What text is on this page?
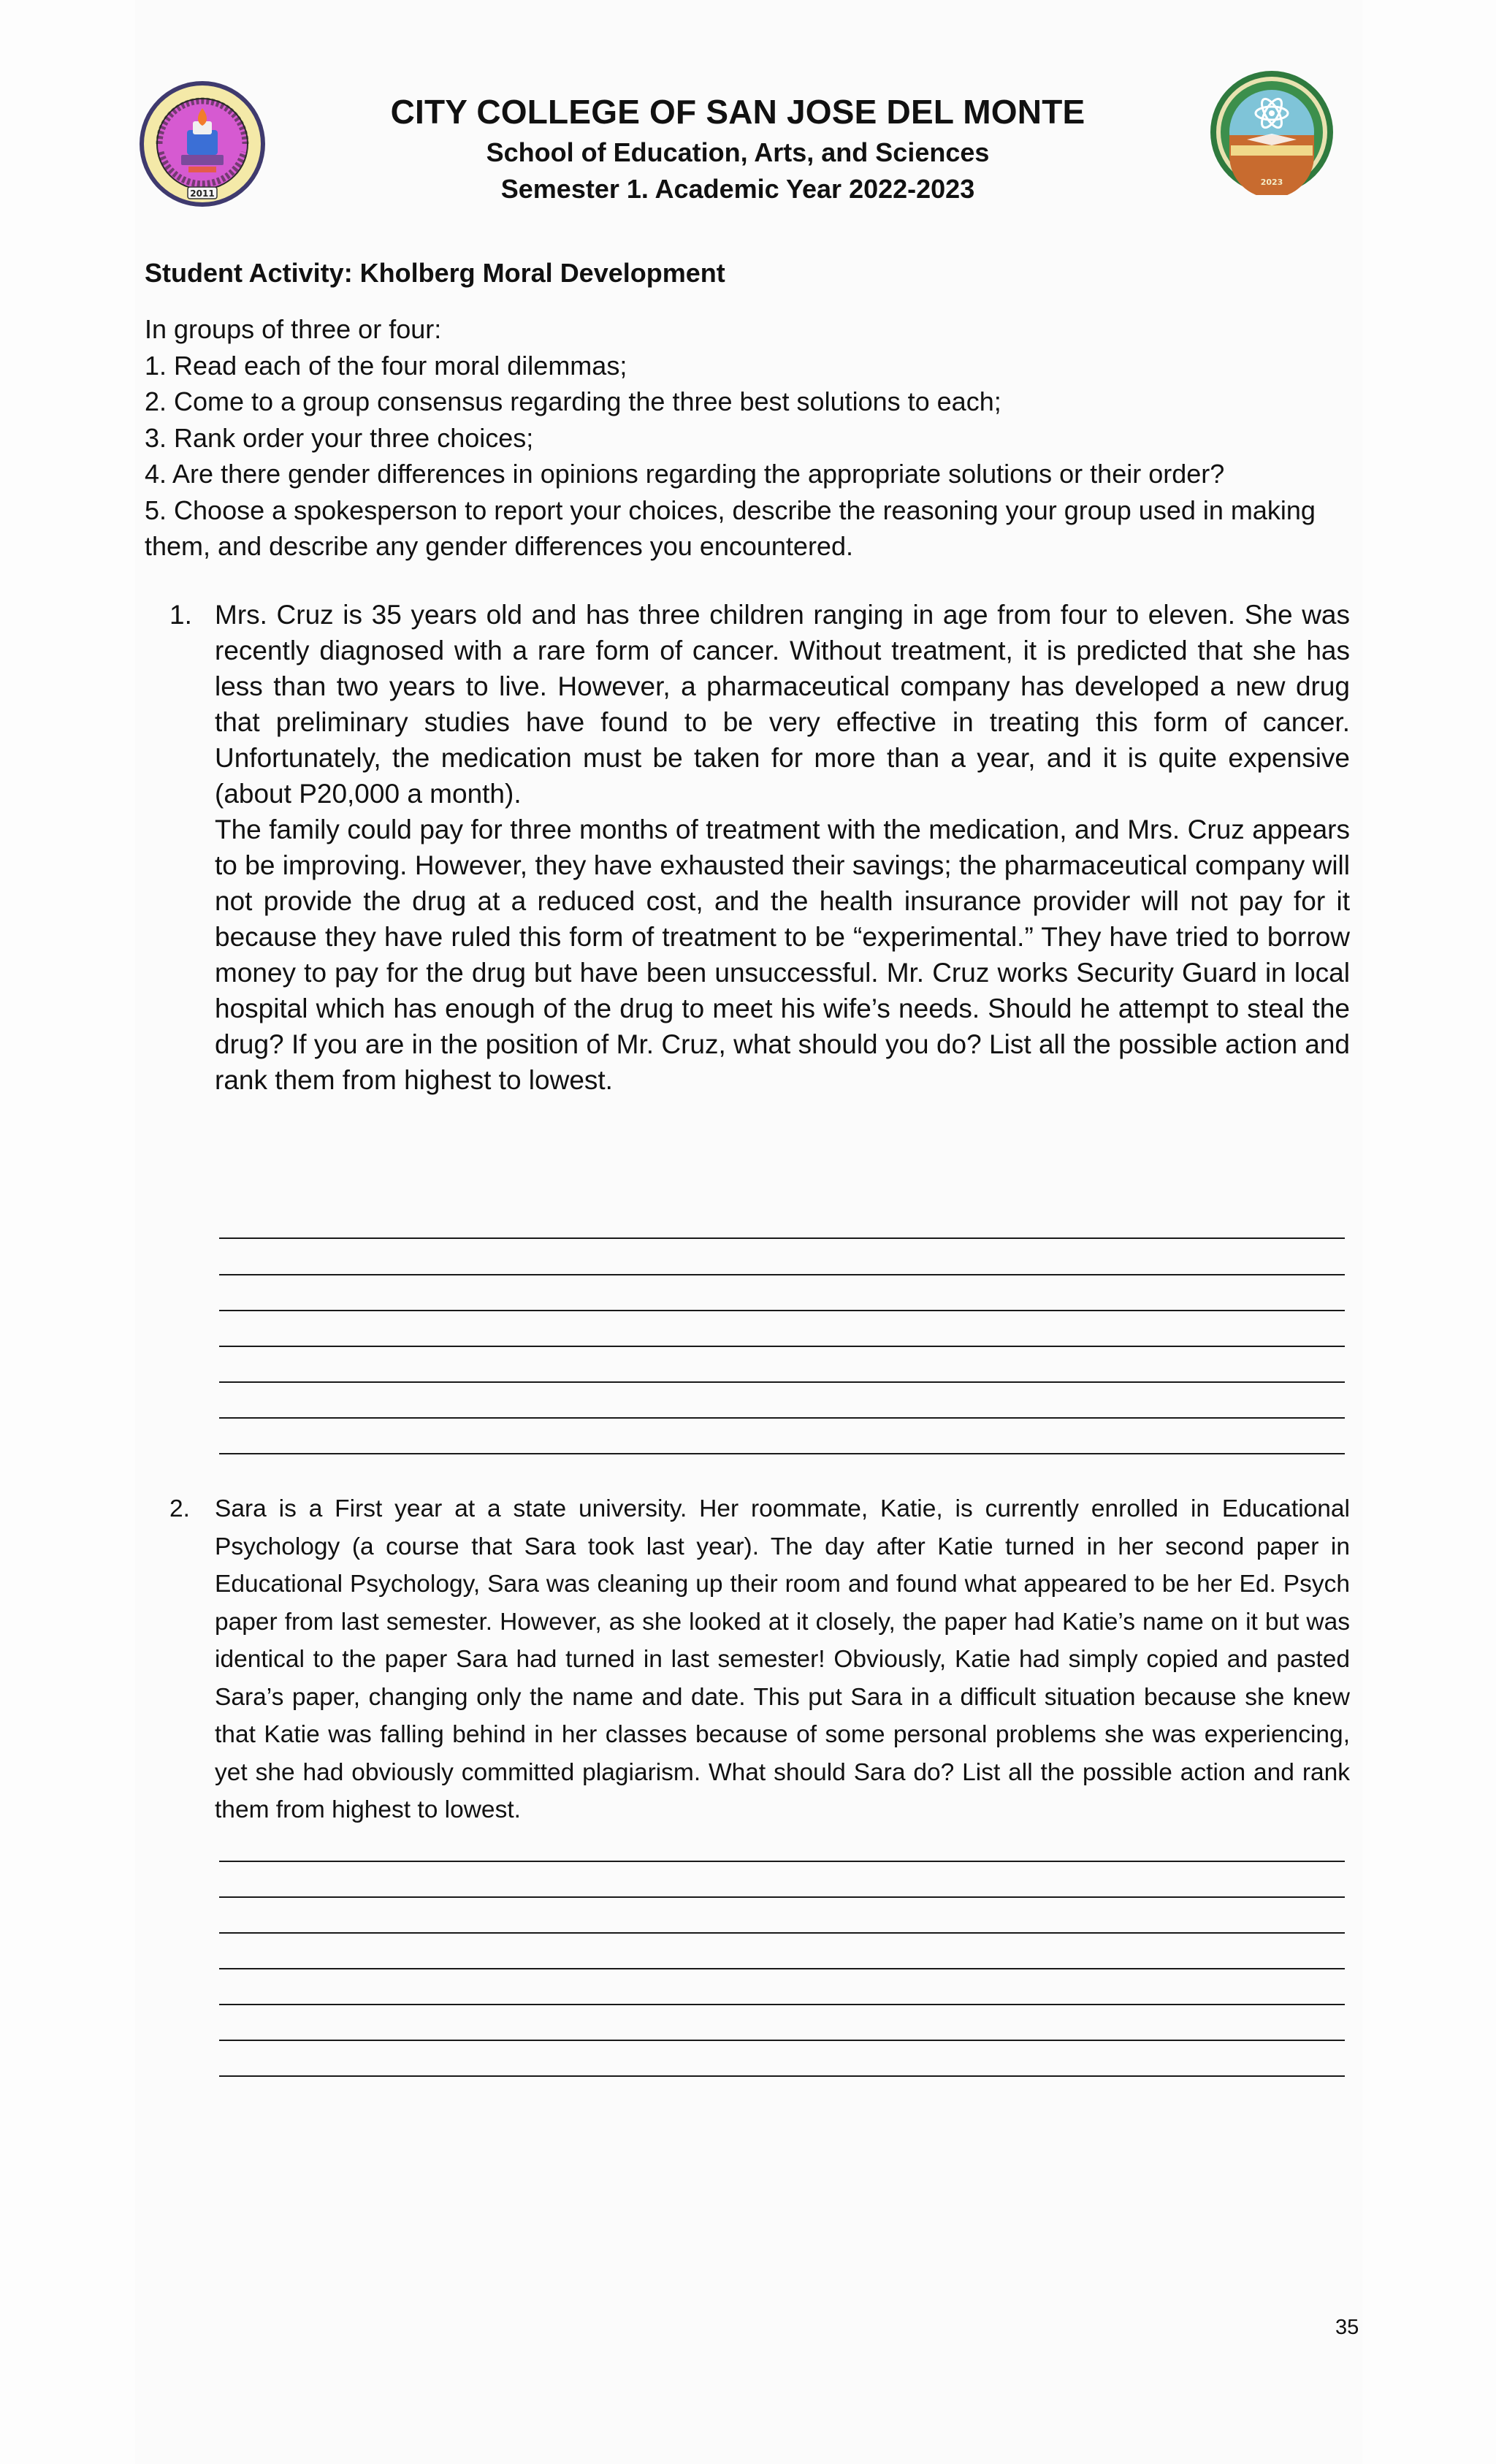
2011
CITY COLLEGE OF SAN JOSE DEL MONTE
School of Education, Arts, and Sciences
Semester 1. Academic Year 2022-2023	2023
Student Activity: Kholberg Moral Development

In groups of three or four:

1. Read each of the four moral dilemmas;

2. Come to a group consensus regarding the three best solutions to each;

3. Rank order your three choices;

4. Are there gender differences in opinions regarding the appropriate solutions or their order?

5. Choose a spokesperson to report your choices, describe the reasoning your group used in making them, and describe any gender differences you encountered.

1. Mrs. Cruz is 35 years old and has three children ranging in age from four to eleven. She was recently diagnosed with a rare form of cancer. Without treatment, it is predicted that she has less than two years to live. However, a pharmaceutical company has developed a new drug that preliminary studies have found to be very effective in treating this form of cancer. Unfortunately, the medication must be taken for more than a year, and it is quite expensive (about P20,000 a month).

The family could pay for three months of treatment with the medication, and Mrs. Cruz appears to be improving. However, they have exhausted their savings; the pharmaceutical company will not provide the drug at a reduced cost, and the health insurance provider will not pay for it because they have ruled this form of treatment to be “experimental.” They have tried to borrow money to pay for the drug but have been unsuccessful. Mr. Cruz works Security Guard in local hospital which has enough of the drug to meet his wife’s needs. Should he attempt to steal the drug? If you are in the position of Mr. Cruz, what should you do? List all the possible action and rank them from highest to lowest.

2. Sara is a First year at a state university. Her roommate, Katie, is currently enrolled in Educational Psychology (a course that Sara took last year). The day after Katie turned in her second paper in Educational Psychology, Sara was cleaning up their room and found what appeared to be her Ed. Psych paper from last semester. However, as she looked at it closely, the paper had Katie’s name on it but was identical to the paper Sara had turned in last semester! Obviously, Katie had simply copied and pasted Sara’s paper, changing only the name and date. This put Sara in a difficult situation because she knew that Katie was falling behind in her classes because of some personal problems she was experiencing, yet she had obviously committed plagiarism. What should Sara do? List all the possible action and rank them from highest to lowest.

35
